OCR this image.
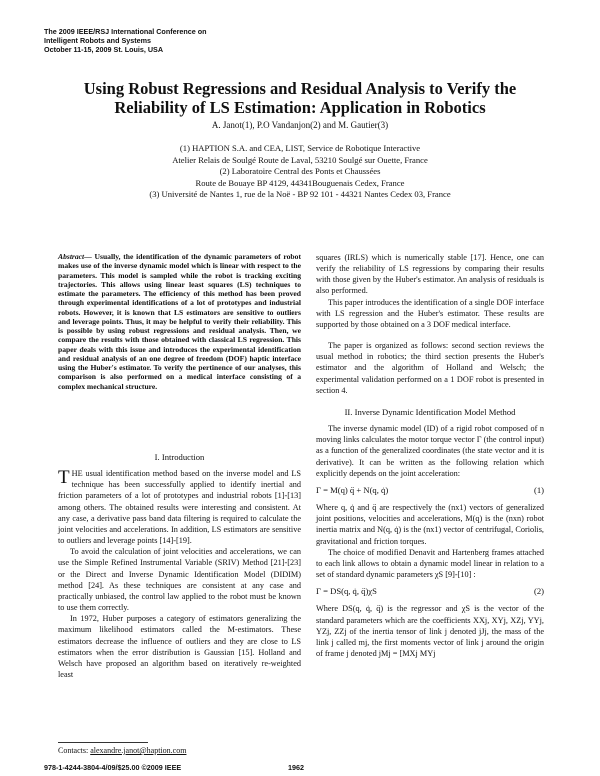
The 2009 IEEE/RSJ International Conference on
Intelligent Robots and Systems
October 11-15, 2009 St. Louis, USA
Using Robust Regressions and Residual Analysis to Verify the
Reliability of LS Estimation: Application in Robotics
A. Janot(1), P.O Vandanjon(2) and M. Gautier(3)
(1) HAPTION S.A. and CEA, LIST, Service de Robotique Interactive
Atelier Relais de Soulgé Route de Laval, 53210 Soulgé sur Ouette, France
(2) Laboratoire Central des Ponts et Chaussées
Route de Bouaye BP 4129, 44341Bouguenais Cedex, France
(3) Université de Nantes 1, rue de la Noë - BP 92 101 - 44321 Nantes Cedex 03, France

Abstract— Usually, the identification of the dynamic parameters of robot makes use of the inverse dynamic model which is linear with respect to the parameters. This model is sampled while the robot is tracking exciting trajectories. This allows using linear least squares (LS) techniques to estimate the parameters. The efficiency of this method has been proved through experimental identifications of a lot of prototypes and industrial robots. However, it is known that LS estimators are sensitive to outliers and leverage points. Thus, it may be helpful to verify their reliability. This is possible by using robust regressions and residual analysis. Then, we compare the results with those obtained with classical LS regression. This paper deals with this issue and introduces the experimental identification and residual analysis of an one degree of freedom (DOF) haptic interface using the Huber's estimator. To verify the pertinence of our analyses, this comparison is also performed on a medical interface consisting of a complex mechanical structure.

I. Introduction

THE usual identification method based on the inverse model and LS technique has been successfully applied to identify inertial and friction parameters of a lot of prototypes and industrial robots [1]-[13] among others. The obtained results were interesting and consistent. At any case, a derivative pass band data filtering is required to calculate the joint velocities and accelerations. In addition, LS estimators are sensitive to outliers and leverage points [14]-[19].

To avoid the calculation of joint velocities and accelerations, we can use the Simple Refined Instrumental Variable (SRIV) Method [21]-[23] or the Direct and Inverse Dynamic Identification Model (DIDIM) method [24]. As these techniques are consistent at any case and practically unbiased, the control law applied to the robot must be known to use them correctly.

In 1972, Huber purposes a category of estimators generalizing the maximum likelihood estimators called the M-estimators. These estimators decrease the influence of outliers and they are close to LS estimators when the error distribution is Gaussian [15]. Holland and Welsch have proposed an algorithm based on iteratively re-weighted least

squares (IRLS) which is numerically stable [17]. Hence, one can verify the reliability of LS regressions by comparing their results with those given by the Huber's estimator. An analysis of residuals is also performed.

This paper introduces the identification of a single DOF interface with LS regression and the Huber's estimator. These results are supported by those obtained on a 3 DOF medical interface.

The paper is organized as follows: second section reviews the usual method in robotics; the third section presents the Huber's estimator and the algorithm of Holland and Welsch; the experimental validation performed on a 1 DOF robot is presented in section 4.

II. Inverse Dynamic Identification Model Method

The inverse dynamic model (ID) of a rigid robot composed of n moving links calculates the motor torque vector Γ (the control input) as a function of the generalized coordinates (the state vector and it is derivative). It can be written as the following relation which explicitly depends on the joint acceleration:

Γ = M(q) q̈ + N(q, q̇)	(1)

Where q, q̇ and q̈ are respectively the (nx1) vectors of generalized joint positions, velocities and accelerations, M(q) is the (nxn) robot inertia matrix and N(q, q̇) is the (nx1) vector of centrifugal, Coriolis, gravitational and friction torques.

The choice of modified Denavit and Hartenberg frames attached to each link allows to obtain a dynamic model linear in relation to a set of standard dynamic parameters χS [9]-[10] :

Γ = DS(q, q̇, q̈)χS	(2)

Where DS(q, q̇, q̈) is the regressor and χS is the vector of the standard parameters which are the coefficients XXj, XYj, XZj, YYj, YZj, ZZj of the inertia tensor of link j denoted jJj, the mass of the link j called mj, the first moments vector of link j around the origin of frame j denoted jMj = [MXj MYj

Contacts: alexandre.janot@haption.com
978-1-4244-3804-4/09/$25.00 ©2009 IEEE	1962
